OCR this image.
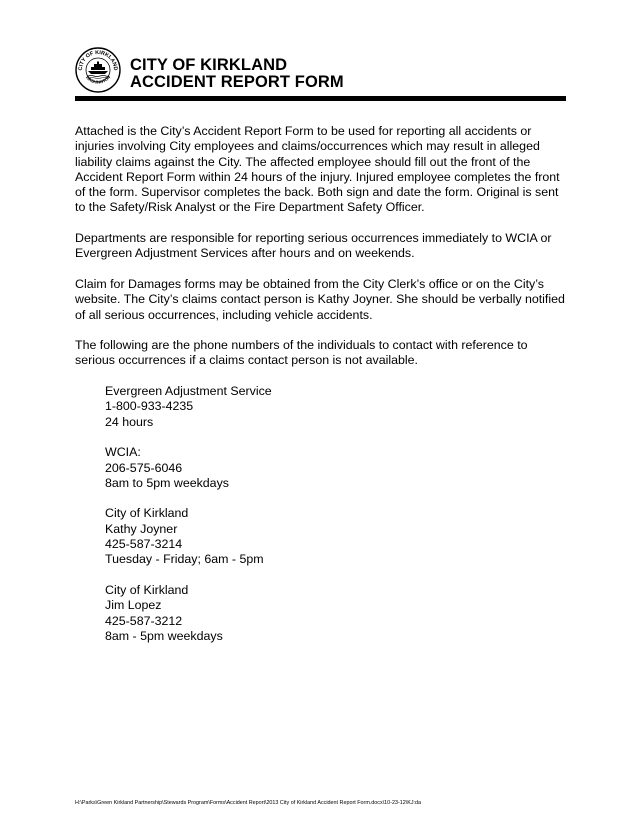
CITY OF KIRKLAND
WASHINGTON
CITY OF KIRKLAND
ACCIDENT REPORT FORM

Attached is the City’s Accident Report Form to be used for reporting all accidents or injuries involving City employees and claims/occurrences which may result in alleged liability claims against the City. The affected employee should fill out the front of the Accident Report Form within 24 hours of the injury. Injured employee completes the front of the form. Supervisor completes the back. Both sign and date the form. Original is sent to the Safety/Risk Analyst or the Fire Department Safety Officer.

Departments are responsible for reporting serious occurrences immediately to WCIA or Evergreen Adjustment Services after hours and on weekends.

Claim for Damages forms may be obtained from the City Clerk’s office or on the City’s website. The City’s claims contact person is Kathy Joyner. She should be verbally notified of all serious occurrences, including vehicle accidents.

The following are the phone numbers of the individuals to contact with reference to serious occurrences if a claims contact person is not available.

Evergreen Adjustment Service
1-800-933-4235
24 hours
WCIA:
206-575-6046
8am to 5pm weekdays
City of Kirkland
Kathy Joyner
425-587-3214
Tuesday - Friday; 6am - 5pm
City of Kirkland
Jim Lopez
425-587-3212
8am - 5pm weekdays
H:\Parks\Green Kirkland Partnership\Stewards Program\Forms\Accident Report\2013 City of Kirkland Accident Report Form.docx\10-23-12\KJ:da
